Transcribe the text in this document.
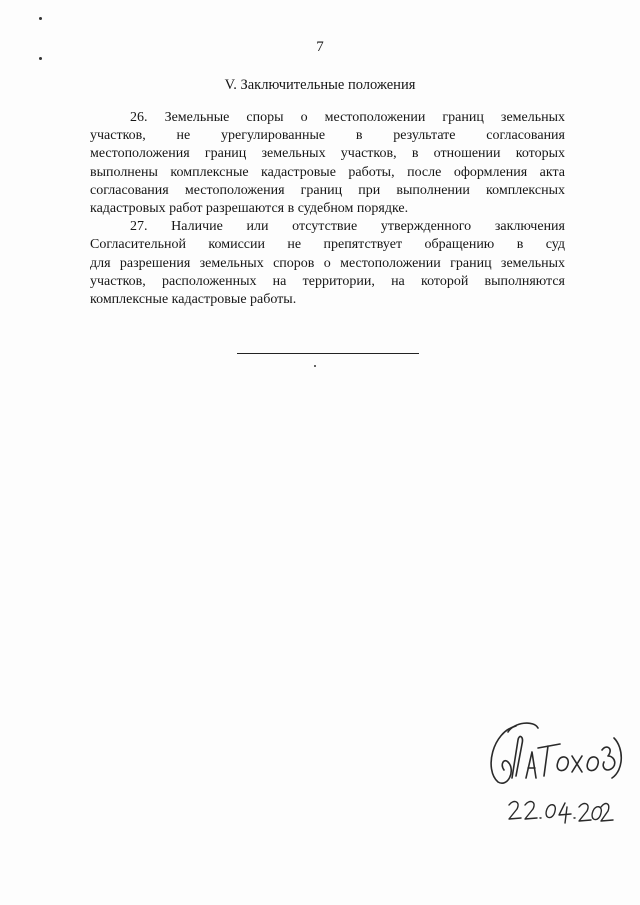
7
V. Заключительные положения
26. Земельные споры о местоположении границ земельных
участков, не урегулированные в результате согласования
местоположения границ земельных участков, в отношении которых
выполнены комплексные кадастровые работы, после оформления акта
согласования местоположения границ при выполнении комплексных
кадастровых работ разрешаются в судебном порядке.
27. Наличие или отсутствие утвержденного заключения
Согласительной комиссии не препятствует обращению в суд
для разрешения земельных споров о местоположении границ земельных
участков, расположенных на территории, на которой выполняются
комплексные кадастровые работы.
